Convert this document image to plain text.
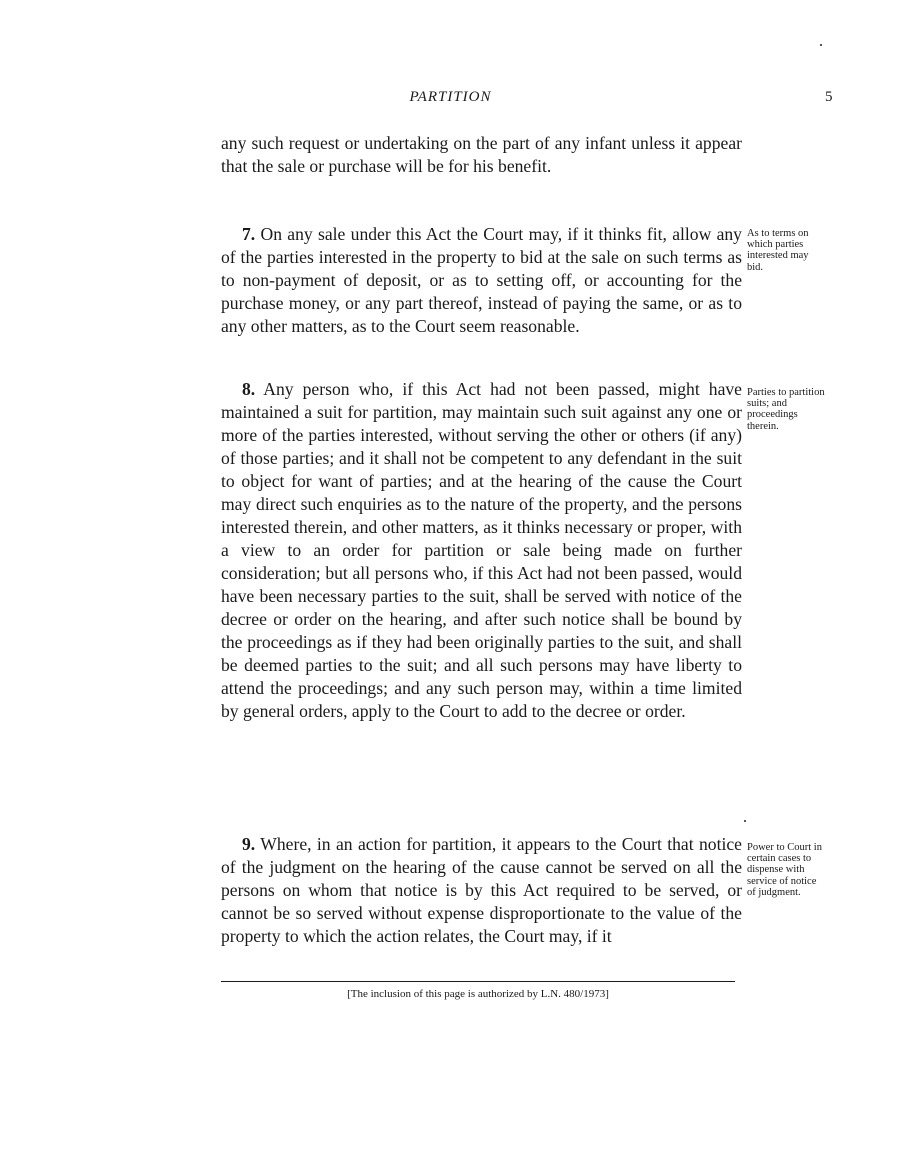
PARTITION	5

any such request or undertaking on the part of any infant unless it appear that the sale or purchase will be for his benefit.

7. On any sale under this Act the Court may, if it thinks fit, allow any of the parties interested in the property to bid at the sale on such terms as to non-payment of deposit, or as to setting off, or accounting for the purchase money, or any part thereof, instead of paying the same, or as to any other matters, as to the Court seem reasonable.

As to terms on which parties interested may bid.

8. Any person who, if this Act had not been passed, might have maintained a suit for partition, may maintain such suit against any one or more of the parties interested, without serving the other or others (if any) of those parties; and it shall not be competent to any defendant in the suit to object for want of parties; and at the hearing of the cause the Court may direct such enquiries as to the nature of the property, and the persons interested therein, and other matters, as it thinks necessary or proper, with a view to an order for partition or sale being made on further consideration; but all persons who, if this Act had not been passed, would have been necessary parties to the suit, shall be served with notice of the decree or order on the hearing, and after such notice shall be bound by the proceedings as if they had been originally parties to the suit, and shall be deemed parties to the suit; and all such persons may have liberty to attend the proceedings; and any such person may, within a time limited by general orders, apply to the Court to add to the decree or order.

Parties to partition suits; and proceedings therein.

9. Where, in an action for partition, it appears to the Court that notice of the judgment on the hearing of the cause cannot be served on all the persons on whom that notice is by this Act required to be served, or cannot be so served without expense disproportionate to the value of the property to which the action relates, the Court may, if it

Power to Court in certain cases to dispense with service of notice of judgment.

[The inclusion of this page is authorized by L.N. 480/1973]
